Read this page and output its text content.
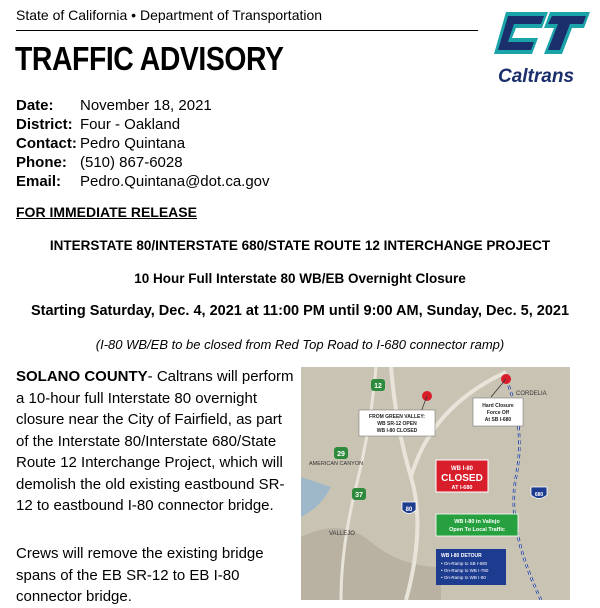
State of California • Department of Transportation
TRAFFIC ADVISORY	Caltrans
Date:	November 18, 2021
District: Four - Oakland
Contact: Pedro Quintana
Phone: (510) 867-6028
Email:	Pedro.Quintana@dot.ca.gov
FOR IMMEDIATE RELEASE
INTERSTATE 80/INTERSTATE 680/STATE ROUTE 12 INTERCHANGE PROJECT
10 Hour Full Interstate 80 WB/EB Overnight Closure
Starting Saturday, Dec. 4, 2021 at 11:00 PM until 9:00 AM, Sunday, Dec. 5, 2021
(I-80 WB/EB to be closed from Red Top Road to I-680 connector ramp)
SOLANO COUNTY- Caltrans will perform a 10-hour full Interstate 80 overnight closure near the City of Fairfield, as part of the Interstate 80/Interstate 680/State Route 12 Interchange Project, which will demolish the old existing eastbound SR-12 to eastbound I-80 connector bridge.
Crews will remove the existing bridge spans of the EB SR-12 to EB I-80 connector bridge.
12
29
37
80
680
CORDELIA
AMERICAN CANYON
VALLEJO
FROM GREEN VALLEY:
WB SR-12 OPEN
WB I-80 CLOSED
Hard Closure
Force Off
At SB I-680
WB I-80
CLOSED
AT I-680
WB I-80 in Vallejo
Open To Local Traffic
WB I-80 DETOUR
• On-Ramp to SB I-680
• On-Ramp to WB I-780
• On-Ramp to WB I-80
